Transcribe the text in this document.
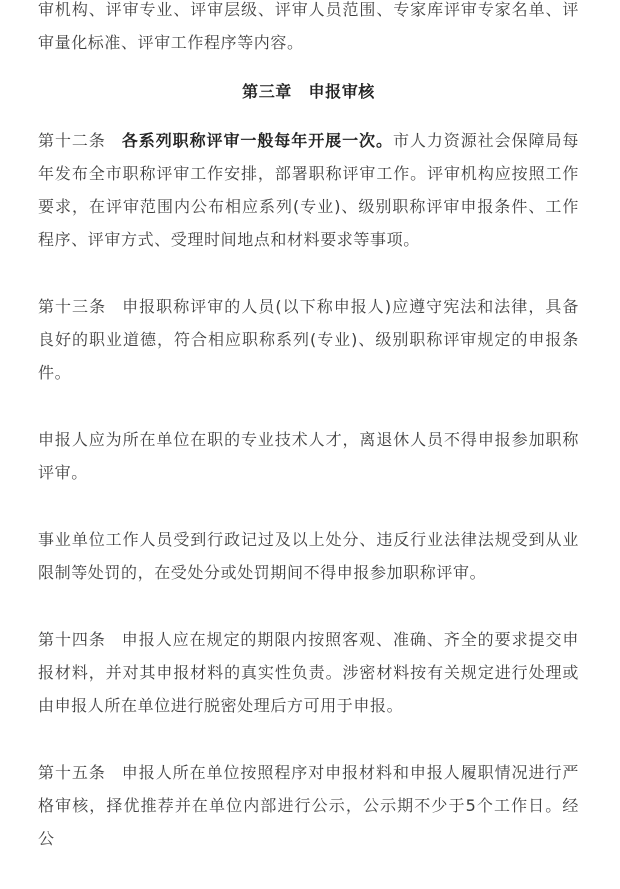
审机构、评审专业、评审层级、评审人员范围、专家库评审专家名单、评审量化标准、评审工作程序等内容。

第三章　申报审核

第十二条 各系列职称评审一般每年开展一次。市人力资源社会保障局每年发布全市职称评审工作安排，部署职称评审工作。评审机构应按照工作要求，在评审范围内公布相应系列(专业)、级别职称评审申报条件、工作程序、评审方式、受理时间地点和材料要求等事项。

第十三条 申报职称评审的人员(以下称申报人)应遵守宪法和法律，具备良好的职业道德，符合相应职称系列(专业)、级别职称评审规定的申报条件。

申报人应为所在单位在职的专业技术人才，离退休人员不得申报参加职称评审。

事业单位工作人员受到行政记过及以上处分、违反行业法律法规受到从业限制等处罚的，在受处分或处罚期间不得申报参加职称评审。

第十四条 申报人应在规定的期限内按照客观、准确、齐全的要求提交申报材料，并对其申报材料的真实性负责。涉密材料按有关规定进行处理或由申报人所在单位进行脱密处理后方可用于申报。

第十五条 申报人所在单位按照程序对申报材料和申报人履职情况进行严格审核，择优推荐并在单位内部进行公示，公示期不少于5个工作日。经公
